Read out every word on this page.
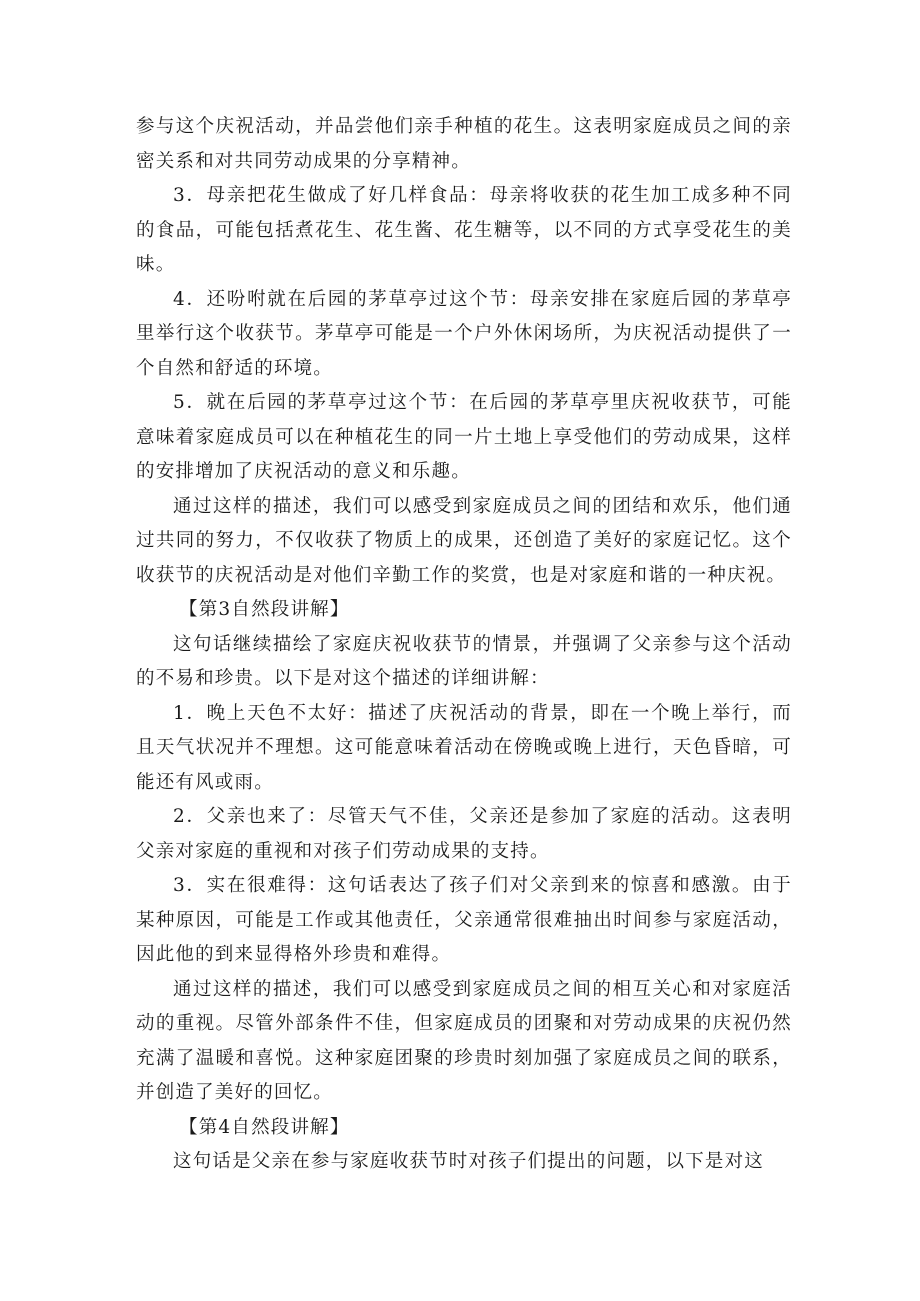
参与这个庆祝活动，并品尝他们亲手种植的花生。这表明家庭成员之间的亲密关系和对共同劳动成果的分享精神。

3．母亲把花生做成了好几样食品：母亲将收获的花生加工成多种不同的食品，可能包括煮花生、花生酱、花生糖等，以不同的方式享受花生的美味。

4．还吩咐就在后园的茅草亭过这个节：母亲安排在家庭后园的茅草亭里举行这个收获节。茅草亭可能是一个户外休闲场所，为庆祝活动提供了一个自然和舒适的环境。

5．就在后园的茅草亭过这个节：在后园的茅草亭里庆祝收获节，可能意味着家庭成员可以在种植花生的同一片土地上享受他们的劳动成果，这样的安排增加了庆祝活动的意义和乐趣。

通过这样的描述，我们可以感受到家庭成员之间的团结和欢乐，他们通过共同的努力，不仅收获了物质上的成果，还创造了美好的家庭记忆。这个收获节的庆祝活动是对他们辛勤工作的奖赏，也是对家庭和谐的一种庆祝。

【第3自然段讲解】

这句话继续描绘了家庭庆祝收获节的情景，并强调了父亲参与这个活动的不易和珍贵。以下是对这个描述的详细讲解：

1．晚上天色不太好：描述了庆祝活动的背景，即在一个晚上举行，而且天气状况并不理想。这可能意味着活动在傍晚或晚上进行，天色昏暗，可能还有风或雨。

2．父亲也来了：尽管天气不佳，父亲还是参加了家庭的活动。这表明父亲对家庭的重视和对孩子们劳动成果的支持。

3．实在很难得：这句话表达了孩子们对父亲到来的惊喜和感激。由于某种原因，可能是工作或其他责任，父亲通常很难抽出时间参与家庭活动，因此他的到来显得格外珍贵和难得。

通过这样的描述，我们可以感受到家庭成员之间的相互关心和对家庭活动的重视。尽管外部条件不佳，但家庭成员的团聚和对劳动成果的庆祝仍然充满了温暖和喜悦。这种家庭团聚的珍贵时刻加强了家庭成员之间的联系，并创造了美好的回忆。

【第4自然段讲解】

这句话是父亲在参与家庭收获节时对孩子们提出的问题，以下是对这
